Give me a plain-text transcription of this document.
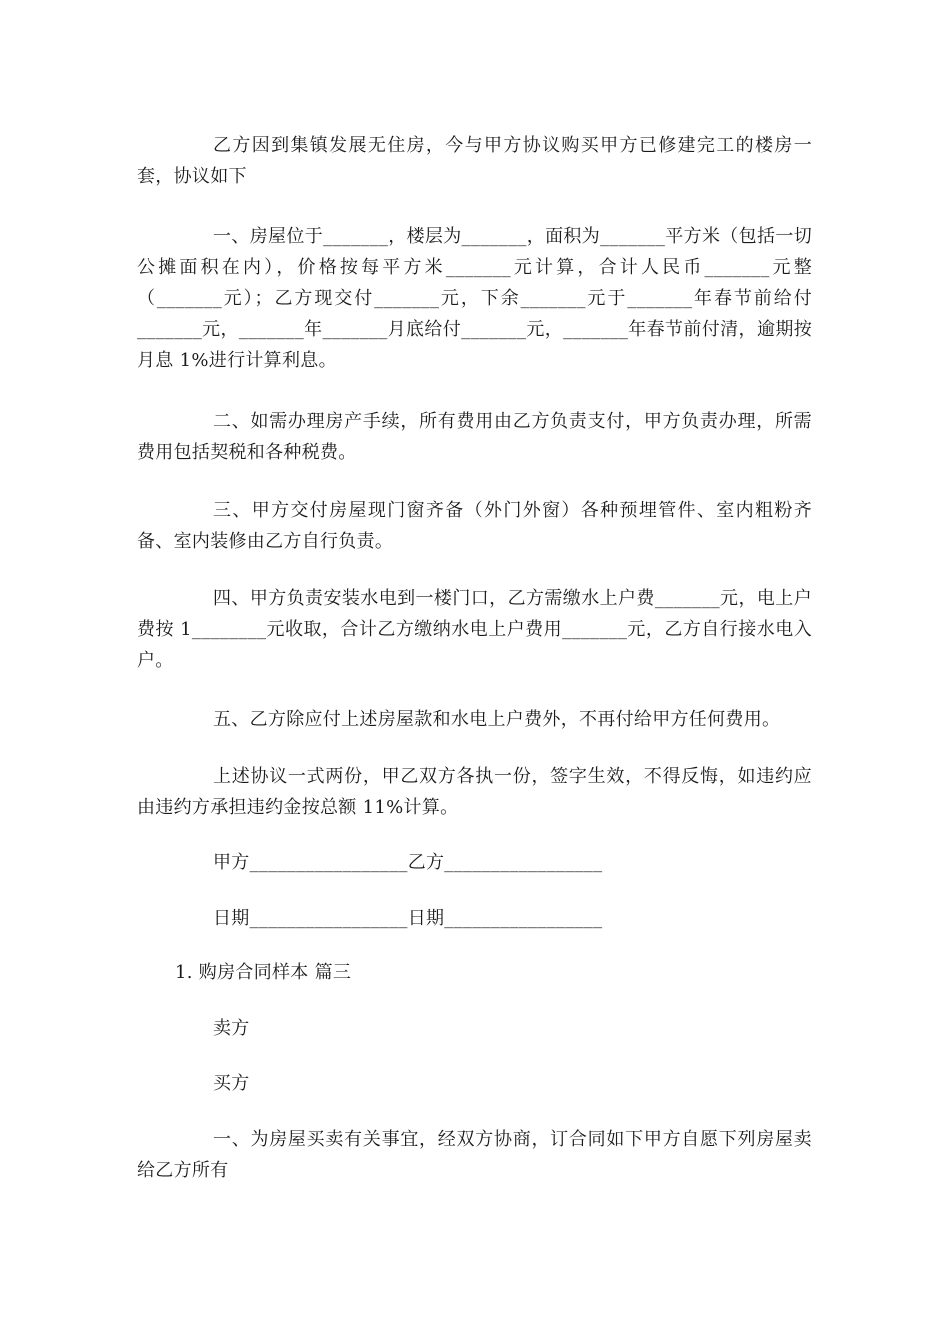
乙方因到集镇发展无住房，今与甲方协议购买甲方已修建完工的楼房一套，协议如下

一、房屋位于_______，楼层为_______，面积为_______平方米（包括一切公摊面积在内），价格按每平方米_______元计算，合计人民币_______元整（_______元）；乙方现交付_______元，下余_______元于_______年春节前给付_______元，_______年_______月底给付_______元，_______年春节前付清，逾期按月息 1%进行计算利息。

二、如需办理房产手续，所有费用由乙方负责支付，甲方负责办理，所需费用包括契税和各种税费。

三、甲方交付房屋现门窗齐备（外门外窗）各种预埋管件、室内粗粉齐备、室内装修由乙方自行负责。

四、甲方负责安装水电到一楼门口，乙方需缴水上户费_______元，电上户费按 1________元收取，合计乙方缴纳水电上户费用_______元，乙方自行接水电入户。

五、乙方除应付上述房屋款和水电上户费外，不再付给甲方任何费用。

上述协议一式两份，甲乙双方各执一份，签字生效，不得反悔，如违约应由违约方承担违约金按总额 11%计算。

甲方_________________乙方_________________

日期_________________日期_________________

1. 购房合同样本 篇三

卖方

买方

一、为房屋买卖有关事宜，经双方协商，订合同如下甲方自愿下列房屋卖给乙方所有
